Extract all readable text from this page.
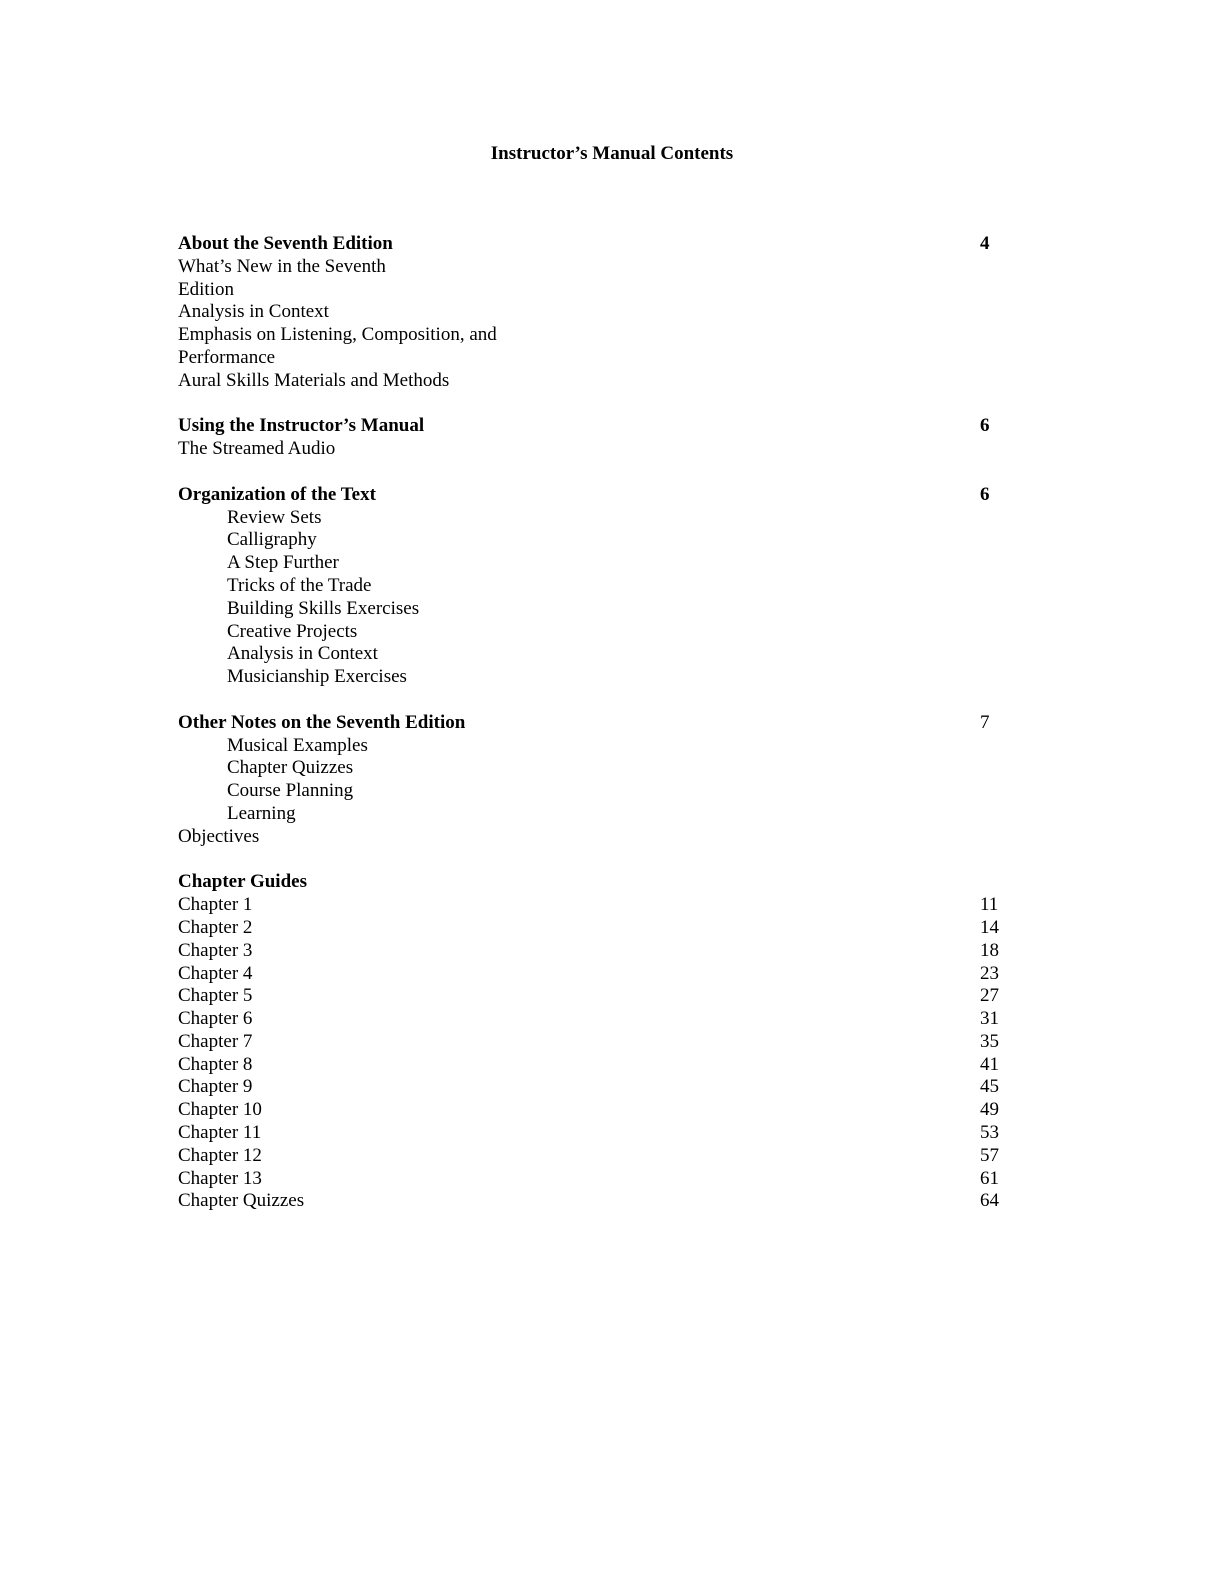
Instructor’s Manual Contents
About the Seventh Edition	4
What’s New in the Seventh
Edition
Analysis in Context
Emphasis on Listening, Composition, and
Performance
Aural Skills Materials and Methods
Using the Instructor’s Manual	6
The Streamed Audio
Organization of the Text	6
Review Sets
Calligraphy
A Step Further
Tricks of the Trade
Building Skills Exercises
Creative Projects
Analysis in Context
Musicianship Exercises
Other Notes on the Seventh Edition	7
Musical Examples
Chapter Quizzes
Course Planning
Learning
Objectives
Chapter Guides
Chapter 1	11
Chapter 2	14
Chapter 3	18
Chapter 4	23
Chapter 5	27
Chapter 6	31
Chapter 7	35
Chapter 8	41
Chapter 9	45
Chapter 10	49
Chapter 11	53
Chapter 12	57
Chapter 13	61
Chapter Quizzes	64
